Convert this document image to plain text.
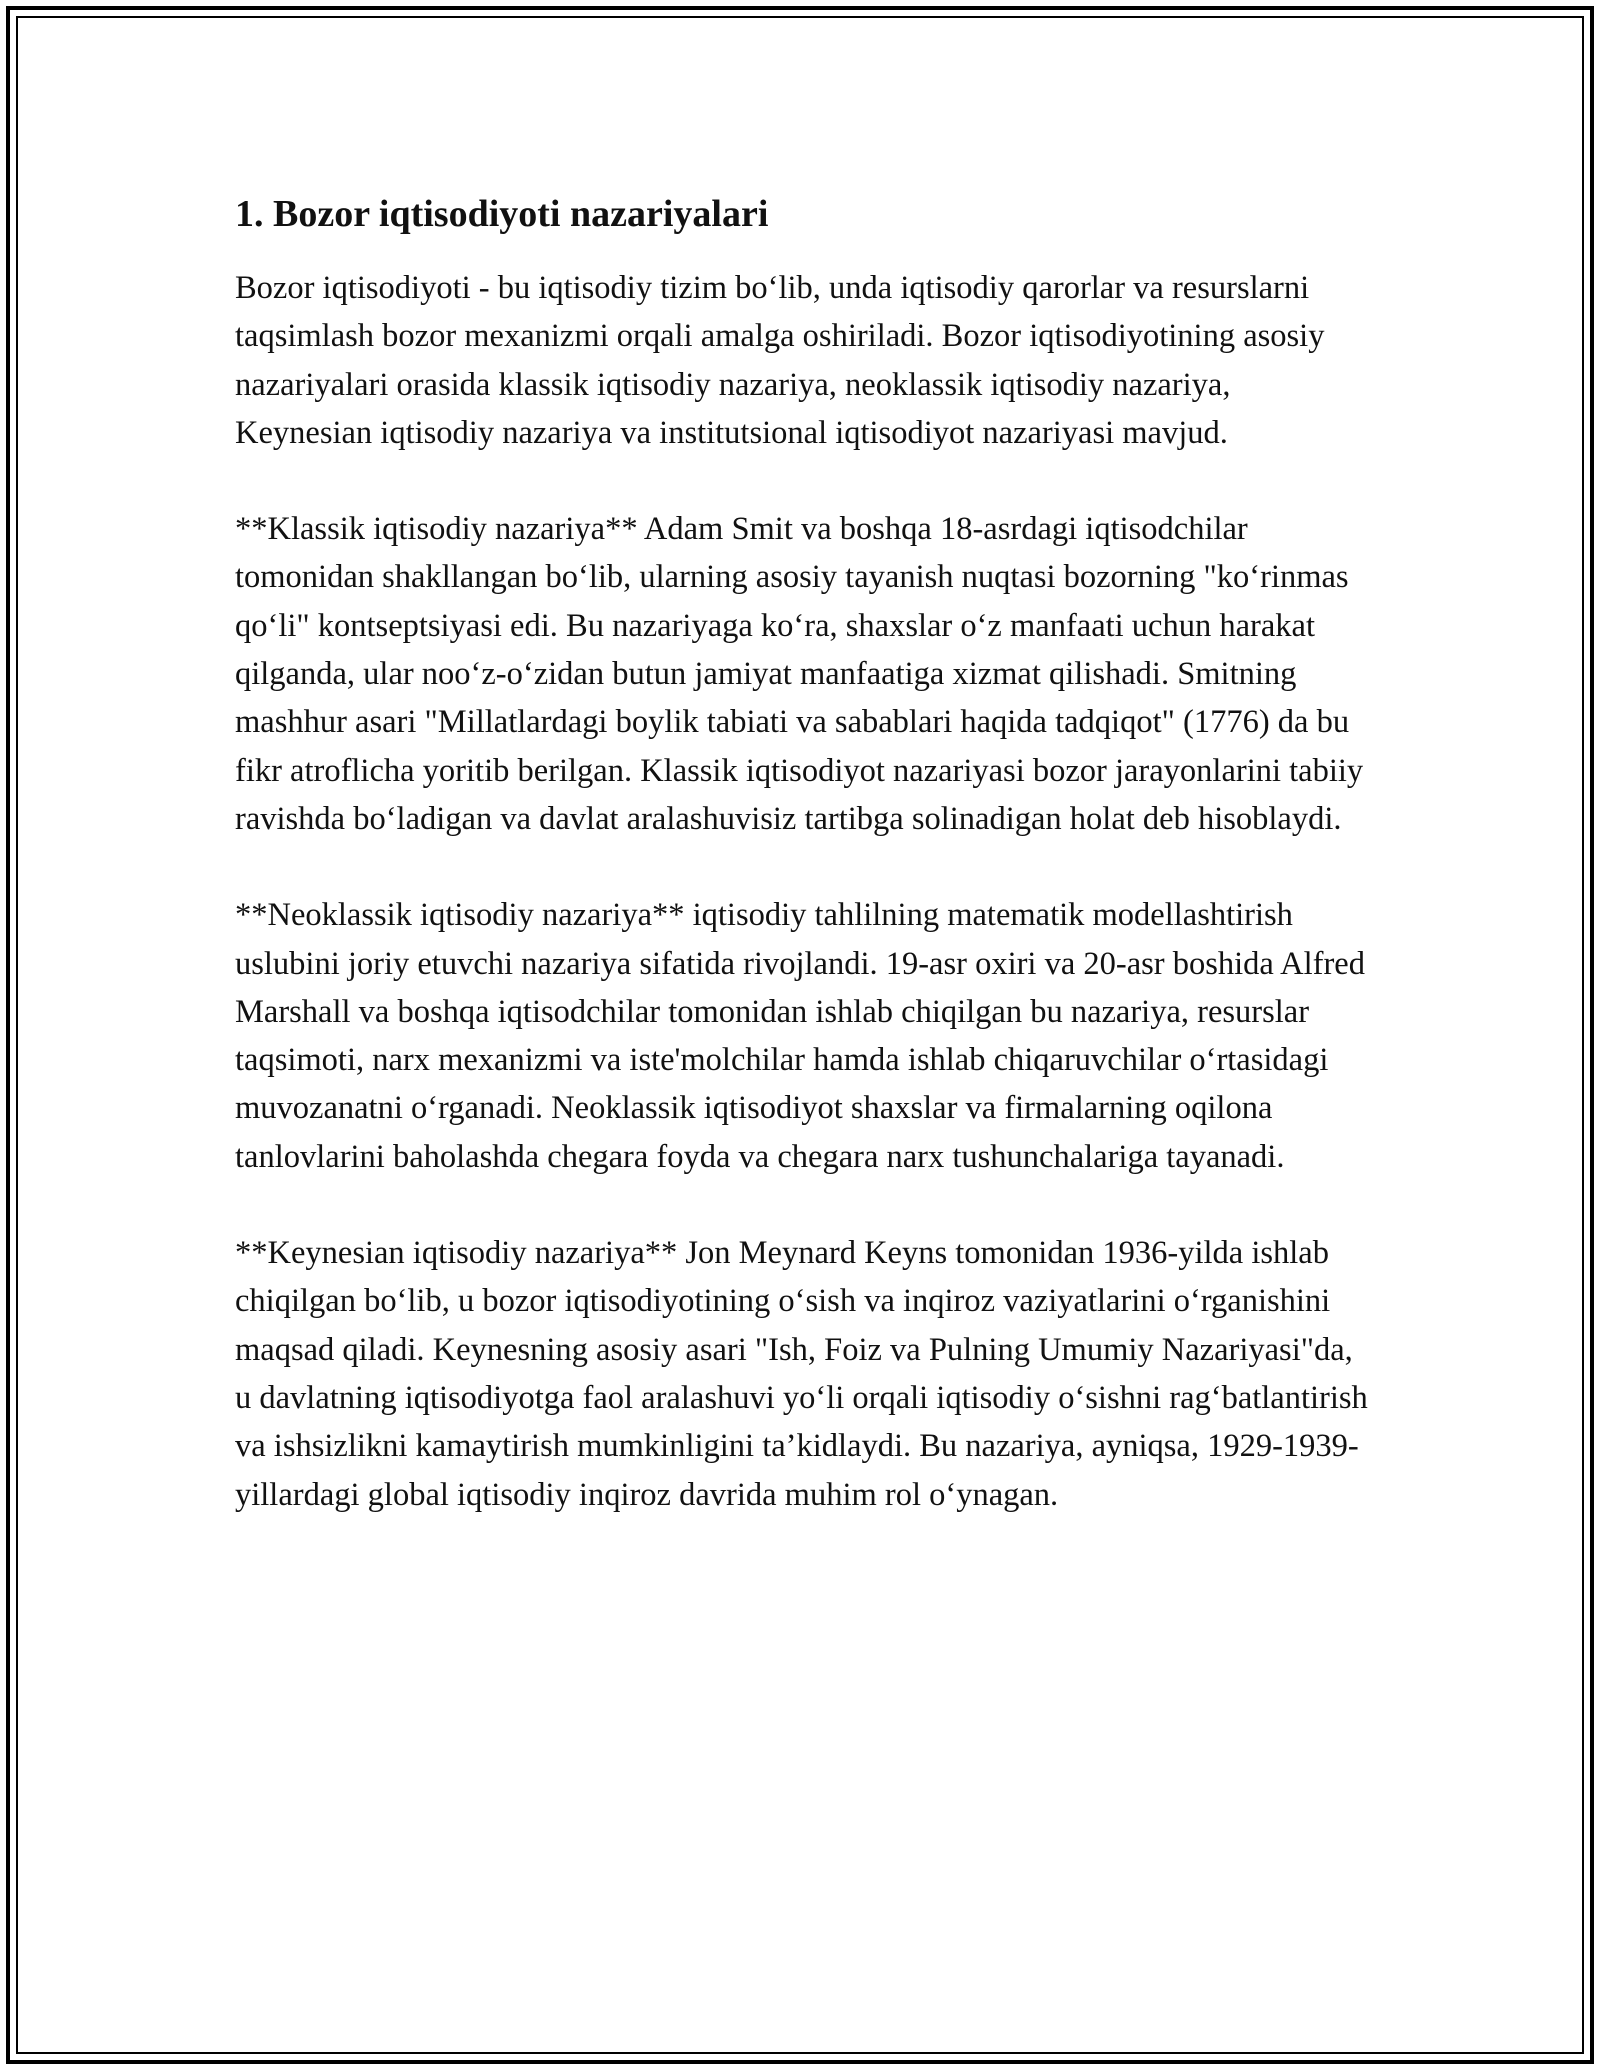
1. Bozor iqtisodiyoti nazariyalari

Bozor iqtisodiyoti - bu iqtisodiy tizim bo‘lib, unda iqtisodiy qarorlar va resurslarni taqsimlash bozor mexanizmi orqali amalga oshiriladi. Bozor iqtisodiyotining asosiy nazariyalari orasida klassik iqtisodiy nazariya, neoklassik iqtisodiy nazariya, Keynesian iqtisodiy nazariya va institutsional iqtisodiyot nazariyasi mavjud.

**Klassik iqtisodiy nazariya** Adam Smit va boshqa 18-asrdagi iqtisodchilar tomonidan shakllangan bo‘lib, ularning asosiy tayanish nuqtasi bozorning "ko‘rinmas qo‘li" kontseptsiyasi edi. Bu nazariyaga ko‘ra, shaxslar o‘z manfaati uchun harakat qilganda, ular noo‘z-o‘zidan butun jamiyat manfaatiga xizmat qilishadi. Smitning mashhur asari "Millatlardagi boylik tabiati va sabablari haqida tadqiqot" (1776) da bu fikr atroflicha yoritib berilgan. Klassik iqtisodiyot nazariyasi bozor jarayonlarini tabiiy ravishda bo‘ladigan va davlat aralashuvisiz tartibga solinadigan holat deb hisoblaydi.

**Neoklassik iqtisodiy nazariya** iqtisodiy tahlilning matematik modellashtirish uslubini joriy etuvchi nazariya sifatida rivojlandi. 19-asr oxiri va 20-asr boshida Alfred Marshall va boshqa iqtisodchilar tomonidan ishlab chiqilgan bu nazariya, resurslar taqsimoti, narx mexanizmi va iste'molchilar hamda ishlab chiqaruvchilar o‘rtasidagi muvozanatni o‘rganadi. Neoklassik iqtisodiyot shaxslar va firmalarning oqilona tanlovlarini baholashda chegara foyda va chegara narx tushunchalariga tayanadi.

**Keynesian iqtisodiy nazariya** Jon Meynard Keyns tomonidan 1936-yilda ishlab chiqilgan bo‘lib, u bozor iqtisodiyotining o‘sish va inqiroz vaziyatlarini o‘rganishini maqsad qiladi. Keynesning asosiy asari "Ish, Foiz va Pulning Umumiy Nazariyasi"da, u davlatning iqtisodiyotga faol aralashuvi yo‘li orqali iqtisodiy o‘sishni rag‘batlantirish va ishsizlikni kamaytirish mumkinligini ta’kidlaydi. Bu nazariya, ayniqsa, 1929-1939-yillardagi global iqtisodiy inqiroz davrida muhim rol o‘ynagan.
